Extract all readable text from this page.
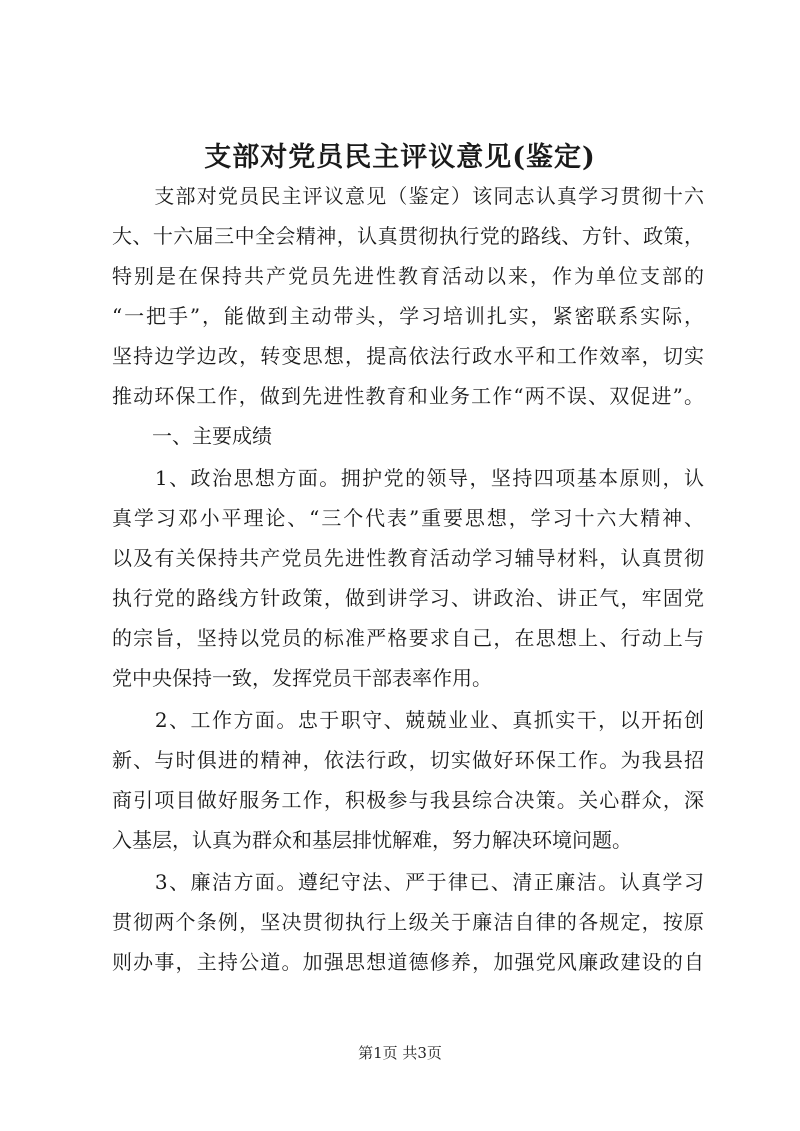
支部对党员民主评议意见(鉴定)
　　支部对党员民主评议意见（鉴定）该同志认真学习贯彻十六
大、十六届三中全会精神，认真贯彻执行党的路线、方针、政策，
特别是在保持共产党员先进性教育活动以来，作为单位支部的
“一把手”，能做到主动带头，学习培训扎实，紧密联系实际，
坚持边学边改，转变思想，提高依法行政水平和工作效率，切实
推动环保工作，做到先进性教育和业务工作“两不误、双促进”。
　　一、主要成绩
　　1、政治思想方面。拥护党的领导，坚持四项基本原则，认
真学习邓小平理论、“三个代表”重要思想，学习十六大精神、
以及有关保持共产党员先进性教育活动学习辅导材料，认真贯彻
执行党的路线方针政策，做到讲学习、讲政治、讲正气，牢固党
的宗旨，坚持以党员的标准严格要求自己，在思想上、行动上与
党中央保持一致，发挥党员干部表率作用。
　　2、工作方面。忠于职守、兢兢业业、真抓实干，以开拓创
新、与时俱进的精神，依法行政，切实做好环保工作。为我县招
商引项目做好服务工作，积极参与我县综合决策。关心群众，深
入基层，认真为群众和基层排忧解难，努力解决环境问题。
　　3、廉洁方面。遵纪守法、严于律已、清正廉洁。认真学习
贯彻两个条例，坚决贯彻执行上级关于廉洁自律的各规定，按原
则办事，主持公道。加强思想道德修养，加强党风廉政建设的自
第1页 共3页
